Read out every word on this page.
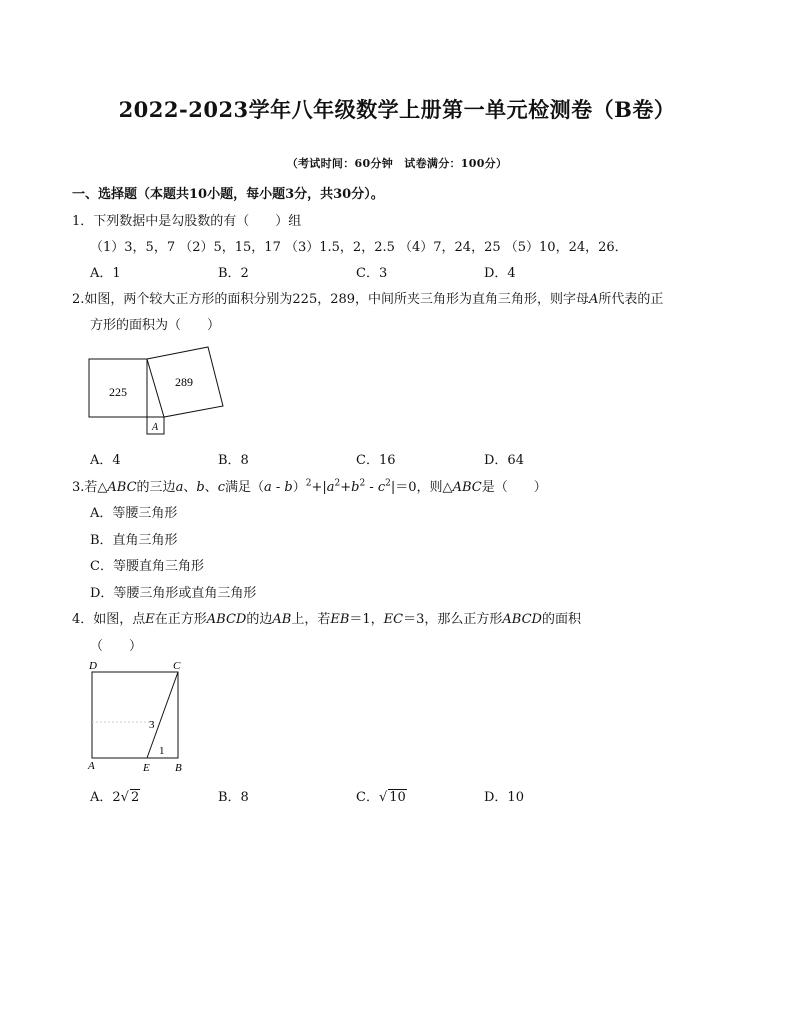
2022-2023学年八年级数学上册第一单元检测卷（B卷）
（考试时间：60分钟　试卷满分：100分）
一、选择题（本题共10小题，每小题3分，共30分）。
1．下列数据中是勾股数的有（　　）组
（1）3，5，7 （2）5，15，17 （3）1.5，2，2.5 （4）7，24，25 （5）10，24，26．
A．1	B．2	C．3	D．4
2.如图，两个较大正方形的面积分别为225，289，中间所夹三角形为直角三角形，则字母A所代表的正
方形的面积为（　　）
225
289
A
A．4	B．8	C．16	D．64
3.若△ABC的三边a、b、c满足$(a - b)^2+|a^2+b^2 - c^2|=0$，则△ABC是（　　）
A．等腰三角形
B．直角三角形
C．等腰直角三角形
D．等腰三角形或直角三角形
4．如图，点E在正方形ABCD的边AB上，若EB＝1，EC＝3，那么正方形ABCD的面积
（　　）
D	C
A	E B
3
1
A．2√ 2	B．8	C．√ 10	D．10
